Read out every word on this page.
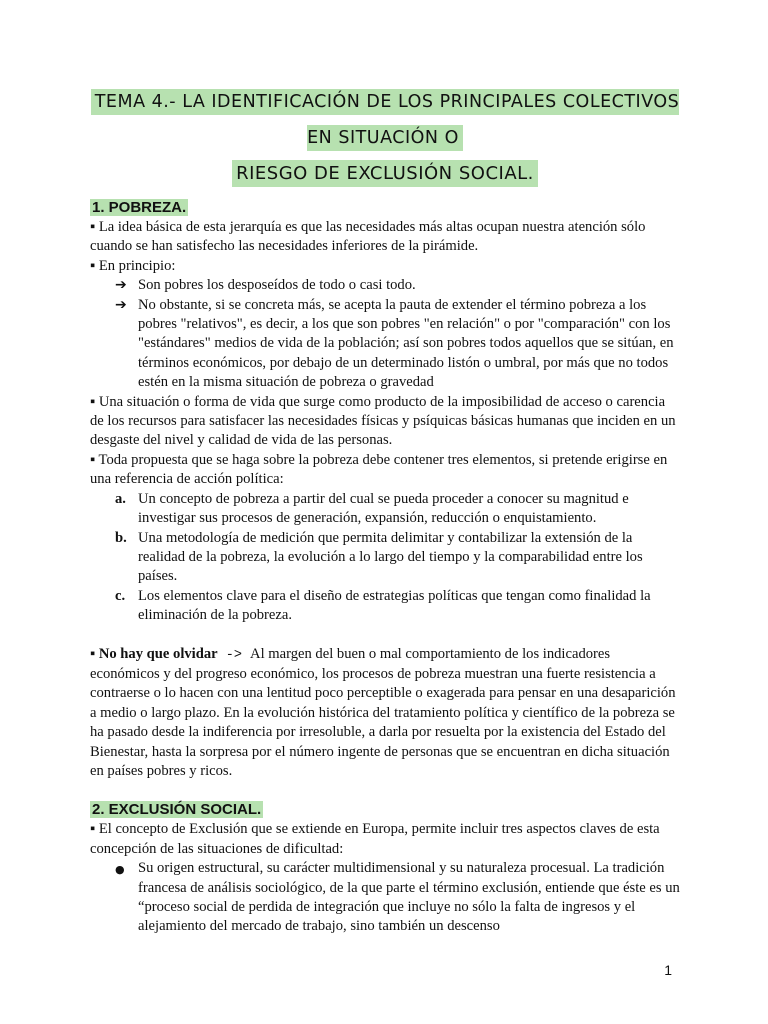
TEMA 4.- LA IDENTIFICACIÓN DE LOS PRINCIPALES COLECTIVOS EN SITUACIÓN O
RIESGO DE EXCLUSIÓN SOCIAL.
1. POBREZA.

▪ La idea básica de esta jerarquía es que las necesidades más altas ocupan nuestra atención sólo cuando se han satisfecho las necesidades inferiores de la pirámide.

▪ En principio:

➔ Son pobres los desposeídos de todo o casi todo.

➔ No obstante, si se concreta más, se acepta la pauta de extender el término pobreza a los pobres "relativos", es decir, a los que son pobres "en relación" o por "comparación" con los "estándares" medios de vida de la población; así son pobres todos aquellos que se sitúan, en términos económicos, por debajo de un determinado listón o umbral, por más que no todos estén en la misma situación de pobreza o gravedad

▪ Una situación o forma de vida que surge como producto de la imposibilidad de acceso o carencia de los recursos para satisfacer las necesidades físicas y psíquicas básicas humanas que inciden en un desgaste del nivel y calidad de vida de las personas.

▪ Toda propuesta que se haga sobre la pobreza debe contener tres elementos, si pretende erigirse en una referencia de acción política:

a. Un concepto de pobreza a partir del cual se pueda proceder a conocer su magnitud e investigar sus procesos de generación, expansión, reducción o enquistamiento.

b. Una metodología de medición que permita delimitar y contabilizar la extensión de la realidad de la pobreza, la evolución a lo largo del tiempo y la comparabilidad entre los países.

c. Los elementos clave para el diseño de estrategias políticas que tengan como finalidad la eliminación de la pobreza.

▪ No hay que olvidar -> Al margen del buen o mal comportamiento de los indicadores económicos y del progreso económico, los procesos de pobreza muestran una fuerte resistencia a contraerse o lo hacen con una lentitud poco perceptible o exagerada para pensar en una desaparición a medio o largo plazo. En la evolución histórica del tratamiento política y científico de la pobreza se ha pasado desde la indiferencia por irresoluble, a darla por resuelta por la existencia del Estado del Bienestar, hasta la sorpresa por el número ingente de personas que se encuentran en dicha situación en países pobres y ricos.

2. EXCLUSIÓN SOCIAL.

▪ El concepto de Exclusión que se extiende en Europa, permite incluir tres aspectos claves de esta concepción de las situaciones de dificultad:

● Su origen estructural, su carácter multidimensional y su naturaleza procesual. La tradición francesa de análisis sociológico, de la que parte el término exclusión, entiende que éste es un “proceso social de perdida de integración que incluye no sólo la falta de ingresos y el alejamiento del mercado de trabajo, sino también un descenso

1
